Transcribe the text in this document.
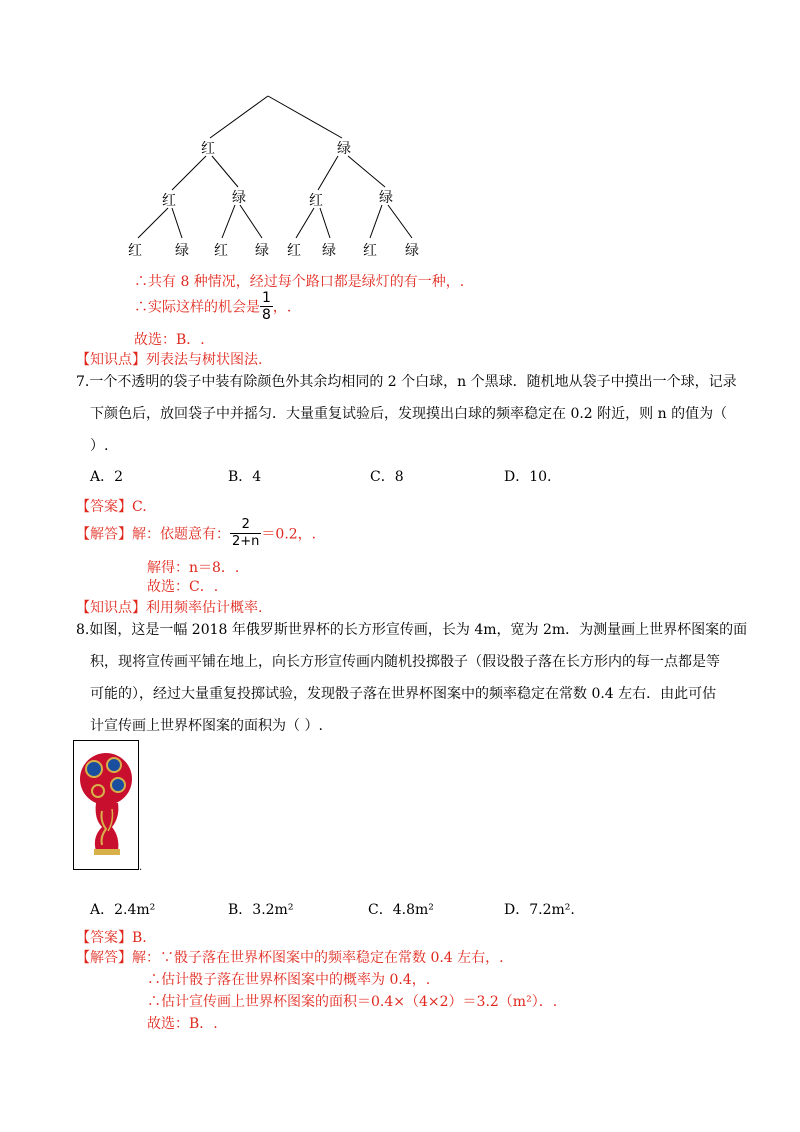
红	绿
红	绿	红	绿
红 绿 红 绿 红 绿 红 绿
∴共有 8 种情况，经过每个路口都是绿灯的有一种，.
∴实际这样的机会是 $\frac{1}{8}$ ，.
故选：B．.
【知识点】列表法与树状图法.
7.一个不透明的袋子中装有除颜色外其余均相同的 2 个白球，n 个黑球．随机地从袋子中摸出一个球，记录
下颜色后，放回袋子中并摇匀．大量重复试验后，发现摸出白球的频率稳定在 0.2 附近，则 n 的值为（
）.
A．2	B．4	C．8	D．10.
【答案】C.
【解答】解：依题意有： $\frac{2}{2+n} =0.2$，.
解得：n＝8．.
故选：C．.
【知识点】利用频率估计概率.
8.如图，这是一幅 2018 年俄罗斯世界杯的长方形宣传画，长为 4m，宽为 2m．为测量画上世界杯图案的面
积，现将宣传画平铺在地上，向长方形宣传画内随机投掷骰子（假设骰子落在长方形内的每一点都是等
可能的），经过大量重复投掷试验，发现骰子落在世界杯图案中的频率稳定在常数 0.4 左右．由此可估
计宣传画上世界杯图案的面积为（ ）.
.
A．2.4m²	B．3.2m²	C．4.8m²	D．7.2m².
【答案】B.
【解答】解：∵骰子落在世界杯图案中的频率稳定在常数 0.4 左右，.
∴估计骰子落在世界杯图案中的概率为 0.4，.
∴估计宣传画上世界杯图案的面积＝0.4×（4×2）＝3.2（m²）．.
故选：B．.
